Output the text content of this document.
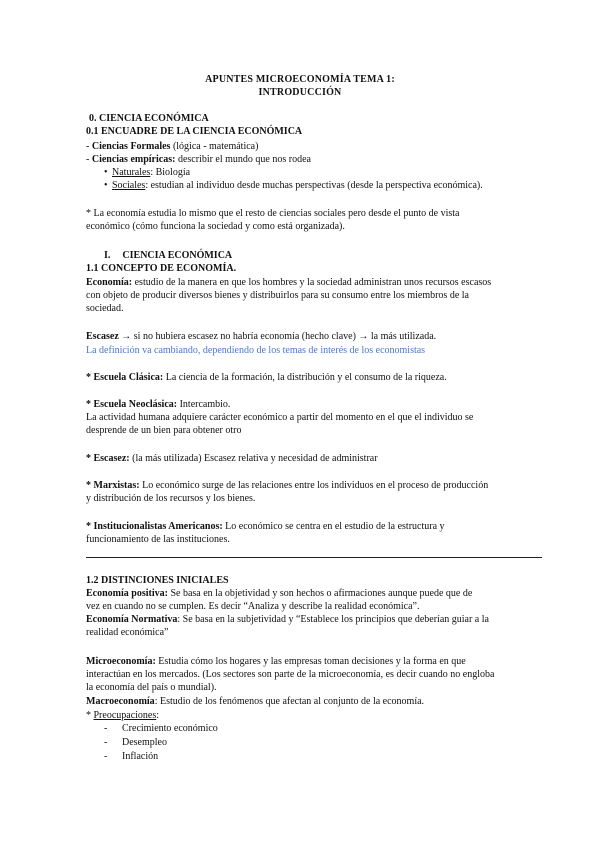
APUNTES MICROECONOMÍA TEMA 1:
INTRODUCCIÓN
0. CIENCIA ECONÓMICA
0.1 ENCUADRE DE LA CIENCIA ECONÓMICA
- Ciencias Formales (lógica - matemática)
- Ciencias empíricas: describir el mundo que nos rodea
• Naturales: Biología
• Sociales: estudian al individuo desde muchas perspectivas (desde la perspectiva económica).
* La economía estudia lo mismo que el resto de ciencias sociales pero desde el punto de vista
económico (cómo funciona la sociedad y como está organizada).
I. CIENCIA ECONÓMICA
1.1 CONCEPTO DE ECONOMÍA.
Economía: estudio de la manera en que los hombres y la sociedad administran unos recursos escasos
con objeto de producir diversos bienes y distribuirlos para su consumo entre los miembros de la
sociedad.
Escasez → si no hubiera escasez no habría economía (hecho clave) → la más utilizada.
La definición va cambiando, dependiendo de los temas de interés de los economistas
* Escuela Clásica: La ciencia de la formación, la distribución y el consumo de la riqueza.
* Escuela Neoclásica: Intercambio.
La actividad humana adquiere carácter económico a partir del momento en el que el individuo se
desprende de un bien para obtener otro
* Escasez: (la más utilizada) Escasez relativa y necesidad de administrar
* Marxistas: Lo económico surge de las relaciones entre los individuos en el proceso de producción
y distribución de los recursos y los bienes.
* Institucionalistas Americanos: Lo económico se centra en el estudio de la estructura y
funcionamiento de las instituciones.
1.2 DISTINCIONES INICIALES
Economía positiva: Se basa en la objetividad y son hechos o afirmaciones aunque puede que de
vez en cuando no se cumplen. Es decir “Analiza y describe la realidad económica”.
Economía Normativa: Se basa en la subjetividad y “Establece los principios que deberían guiar a la
realidad económica”
Microeconomía: Estudia cómo los hogares y las empresas toman decisiones y la forma en que
interactúan en los mercados. (Los sectores son parte de la microeconomía, es decir cuando no engloba
la economía del país o mundial).
Macroeconomía: Estudio de los fenómenos que afectan al conjunto de la economía.
* Preocupaciones:
- Crecimiento económico
- Desempleo
- Inflación
